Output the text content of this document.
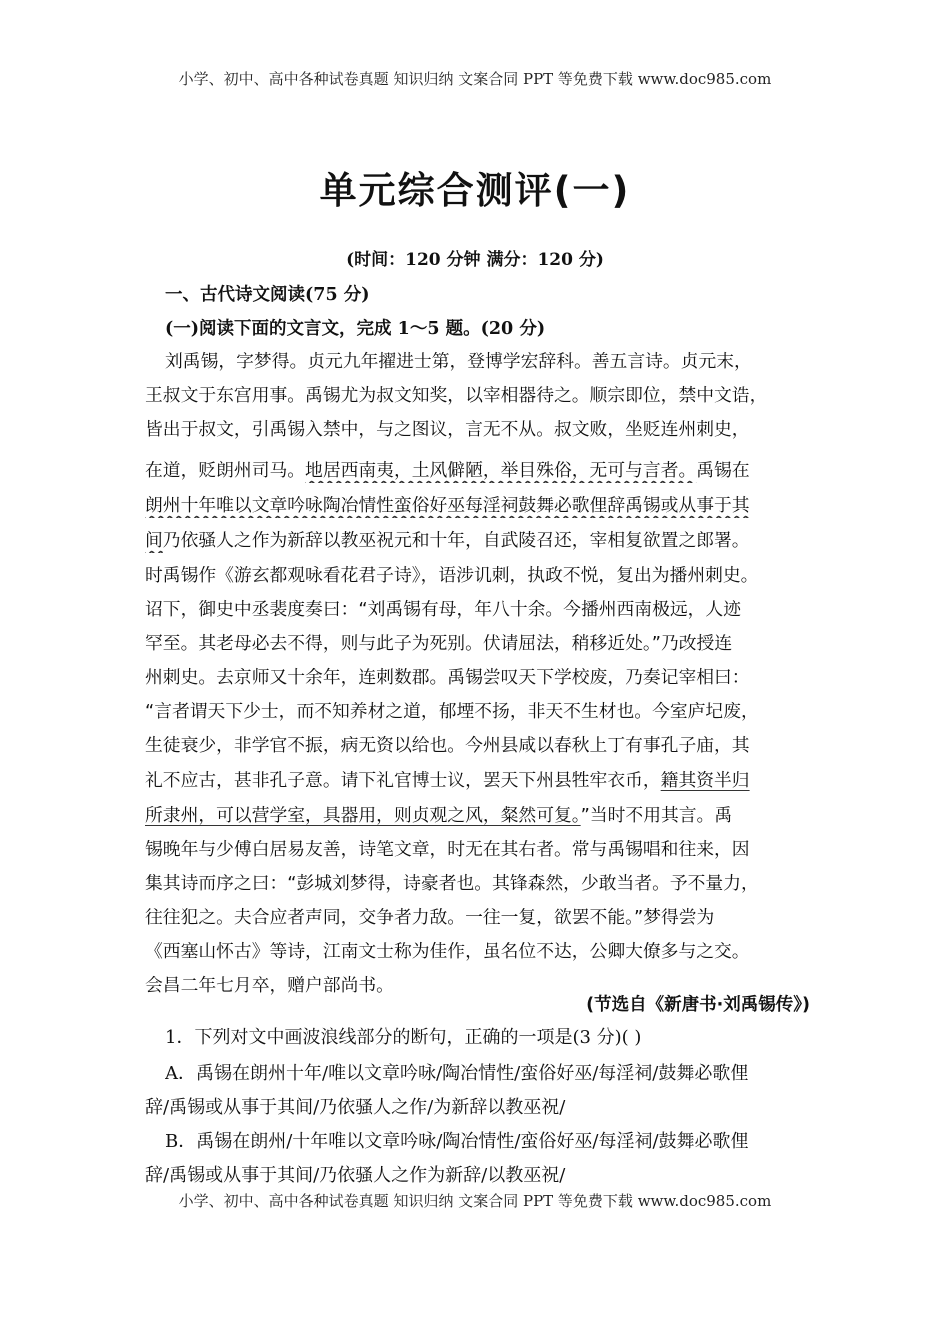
小学、初中、高中各种试卷真题 知识归纳 文案合同 PPT 等免费下载 www.doc985.com
单元综合测评(一)
(时间：120 分钟 满分：120 分)
一、古代诗文阅读(75 分)
(一)阅读下面的文言文，完成 1～5 题。(20 分)
刘禹锡，字梦得。贞元九年擢进士第，登博学宏辞科。善五言诗。贞元末，
王叔文于东宫用事。禹锡尤为叔文知奖，以宰相器待之。顺宗即位，禁中文诰，
皆出于叔文，引禹锡入禁中，与之图议，言无不从。叔文败，坐贬连州刺史，
在道，贬朗州司马。地居西南夷，土风僻陋，举目殊俗，无可与言者。禹锡在
朗州十年唯以文章吟咏陶冶情性蛮俗好巫每淫祠鼓舞必歌俚辞禹锡或从事于其
间乃依骚人之作为新辞以教巫祝元和十年，自武陵召还，宰相复欲置之郎署。
时禹锡作《游玄都观咏看花君子诗》，语涉讥刺，执政不悦，复出为播州刺史。
诏下，御史中丞裴度奏曰：“刘禹锡有母，年八十余。今播州西南极远，人迹
罕至。其老母必去不得，则与此子为死别。伏请屈法，稍移近处。”乃改授连
州刺史。去京师又十余年，连刺数郡。禹锡尝叹天下学校废，乃奏记宰相曰：
“言者谓天下少士，而不知养材之道，郁堙不扬，非天不生材也。今室庐圮废，
生徒衰少，非学官不振，病无资以给也。今州县咸以春秋上丁有事孔子庙，其
礼不应古，甚非孔子意。请下礼官博士议，罢天下州县牲牢衣币，籍其资半归
所隶州，可以营学室，具器用，则贞观之风，粲然可复。”当时不用其言。禹
锡晚年与少傅白居易友善，诗笔文章，时无在其右者。常与禹锡唱和往来，因
集其诗而序之曰：“彭城刘梦得，诗豪者也。其锋森然，少敢当者。予不量力，
往往犯之。夫合应者声同，交争者力敌。一往一复，欲罢不能。”梦得尝为
《西塞山怀古》等诗，江南文士称为佳作，虽名位不达，公卿大僚多与之交。
会昌二年七月卒，赠户部尚书。
(节选自《新唐书·刘禹锡传》)
1．下列对文中画波浪线部分的断句，正确的一项是(3 分)( )
A．禹锡在朗州十年/唯以文章吟咏/陶冶情性/蛮俗好巫/每淫祠/鼓舞必歌俚
辞/禹锡或从事于其间/乃依骚人之作/为新辞以教巫祝/
B．禹锡在朗州/十年唯以文章吟咏/陶冶情性/蛮俗好巫/每淫祠/鼓舞必歌俚
辞/禹锡或从事于其间/乃依骚人之作为新辞/以教巫祝/
小学、初中、高中各种试卷真题 知识归纳 文案合同 PPT 等免费下载 www.doc985.com
